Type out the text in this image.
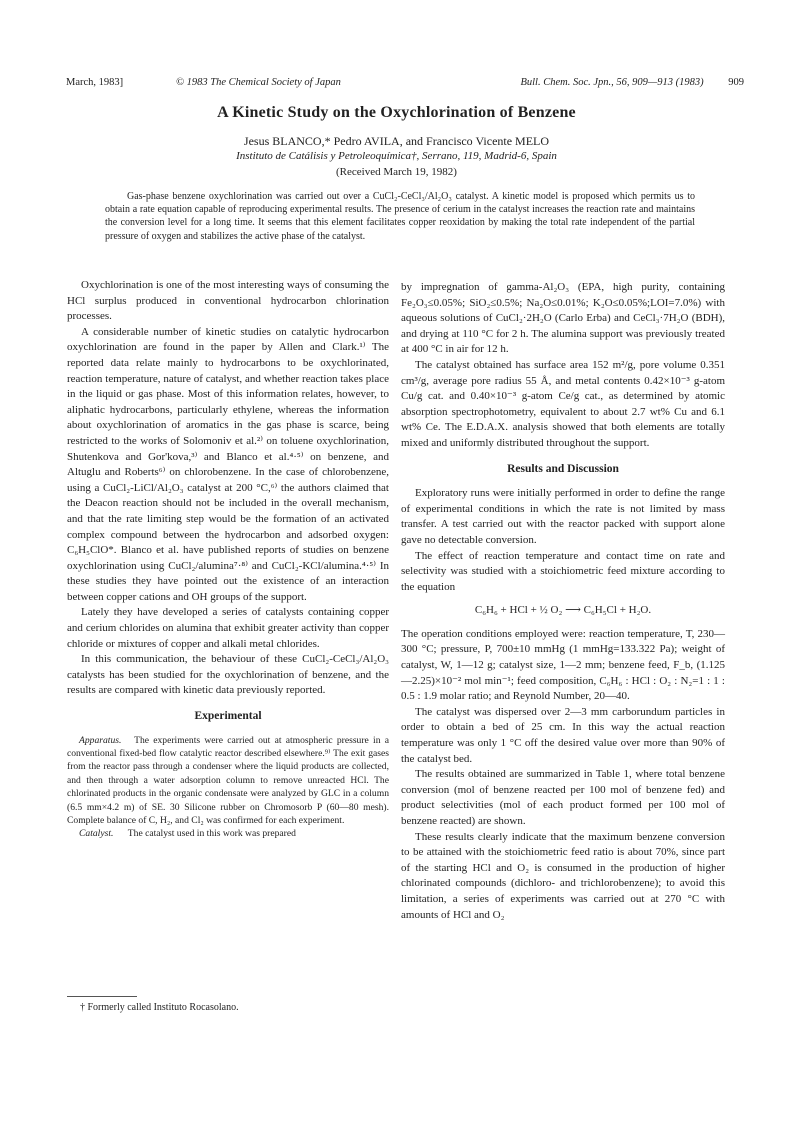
March, 1983]	© 1983 The Chemical Society of Japan	Bull. Chem. Soc. Jpn., 56, 909—913 (1983) 909
A Kinetic Study on the Oxychlorination of Benzene
Jesus BLANCO,* Pedro AVILA, and Francisco Vicente MELO
Instituto de Catálisis y Petroleoquímica†, Serrano, 119, Madrid-6, Spain
(Received March 19, 1982)
Gas-phase benzene oxychlorination was carried out over a CuCl₂-CeCl₃/Al₂O₃ catalyst. A kinetic model is proposed which permits us to obtain a rate equation capable of reproducing experimental results. The presence of cerium in the catalyst increases the reaction rate and maintains the conversion level for a long time. It seems that this element facilitates copper reoxidation by making the total rate independent of the partial pressure of oxygen and stabilizes the active phase of the catalyst.

Oxychlorination is one of the most interesting ways of consuming the HCl surplus produced in conventional hydrocarbon chlorination processes.

A considerable number of kinetic studies on catalytic hydrocarbon oxychlorination are found in the paper by Allen and Clark.¹⁾ The reported data relate mainly to hydrocarbons to be oxychlorinated, reaction temperature, nature of catalyst, and whether reaction takes place in the liquid or gas phase. Most of this information relates, however, to aliphatic hydrocarbons, particularly ethylene, whereas the information about oxychlorination of aromatics in the gas phase is scarce, being restricted to the works of Solomoniv et al.²⁾ on toluene oxychlorination, Shutenkova and Gor'kova,³⁾ and Blanco et al.⁴·⁵⁾ on benzene, and Altuglu and Roberts⁶⁾ on chlorobenzene. In the case of chlorobenzene, using a CuCl₂-LiCl/Al₂O₃ catalyst at 200 °C,⁶⁾ the authors claimed that the Deacon reaction should not be included in the overall mechanism, and that the rate limiting step would be the formation of an activated complex compound between the hydrocarbon and adsorbed oxygen: C₆H₅ClO*. Blanco et al. have published reports of studies on benzene oxychlorination using CuCl₂/alumina⁷·⁸⁾ and CuCl₂-KCl/alumina.⁴·⁵⁾ In these studies they have pointed out the existence of an interaction between copper cations and OH groups of the support.

Lately they have developed a series of catalysts containing copper and cerium chlorides on alumina that exhibit greater activity than copper chloride or mixtures of copper and alkali metal chlorides.

In this communication, the behaviour of these CuCl₂-CeCl₃/Al₂O₃ catalysts has been studied for the oxychlorination of benzene, and the results are compared with kinetic data previously reported.

Experimental

Apparatus. The experiments were carried out at atmospheric pressure in a conventional fixed-bed flow catalytic reactor described elsewhere.⁹⁾ The exit gases from the reactor pass through a condenser where the liquid products are collected, and then through a water adsorption column to remove unreacted HCl. The chlorinated products in the organic condensate were analyzed by GLC in a column (6.5 mm×4.2 m) of SE. 30 Silicone rubber on Chromosorb P (60—80 mesh). Complete balance of C, H₂, and Cl₂ was confirmed for each experiment.

Catalyst. The catalyst used in this work was prepared

† Formerly called Instituto Rocasolano.

by impregnation of gamma-Al₂O₃ (EPA, high purity, containing Fe₂O₃≤0.05%; SiO₂≤0.5%; Na₂O≤0.01%; K₂O≤0.05%;LOI=7.0%) with aqueous solutions of CuCl₂·2H₂O (Carlo Erba) and CeCl₃·7H₂O (BDH), and drying at 110 °C for 2 h. The alumina support was previously treated at 400 °C in air for 12 h.

The catalyst obtained has surface area 152 m²/g, pore volume 0.351 cm³/g, average pore radius 55 Å, and metal contents 0.42×10⁻³ g-atom Cu/g cat. and 0.40×10⁻³ g-atom Ce/g cat., as determined by atomic absorption spectrophotometry, equivalent to about 2.7 wt% Cu and 6.1 wt% Ce. The E.D.A.X. analysis showed that both elements are totally mixed and uniformly distributed throughout the support.

Results and Discussion

Exploratory runs were initially performed in order to define the range of experimental conditions in which the rate is not limited by mass transfer. A test carried out with the reactor packed with support alone gave no detectable conversion.

The effect of reaction temperature and contact time on rate and selectivity was studied with a stoichiometric feed mixture according to the equation

C₆H₆ + HCl + ½ O₂ ⟶ C₆H₅Cl + H₂O.

The operation conditions employed were: reaction temperature, T, 230—300 °C; pressure, P, 700±10 mmHg (1 mmHg=133.322 Pa); weight of catalyst, W, 1—12 g; catalyst size, 1—2 mm; benzene feed, F_b, (1.125—2.25)×10⁻² mol min⁻¹; feed composition, C₆H₆ : HCl : O₂ : N₂=1 : 1 : 0.5 : 1.9 molar ratio; and Reynold Number, 20—40.

The catalyst was dispersed over 2—3 mm carborundum particles in order to obtain a bed of 25 cm. In this way the actual reaction temperature was only 1 °C off the desired value over more than 90% of the catalyst bed.

The results obtained are summarized in Table 1, where total benzene conversion (mol of benzene reacted per 100 mol of benzene fed) and product selectivities (mol of each product formed per 100 mol of benzene reacted) are shown.

These results clearly indicate that the maximum benzene conversion to be attained with the stoichiometric feed ratio is about 70%, since part of the starting HCl and O₂ is consumed in the production of higher chlorinated compounds (dichloro- and trichlorobenzene); to avoid this limitation, a series of experiments was carried out at 270 °C with amounts of HCl and O₂
